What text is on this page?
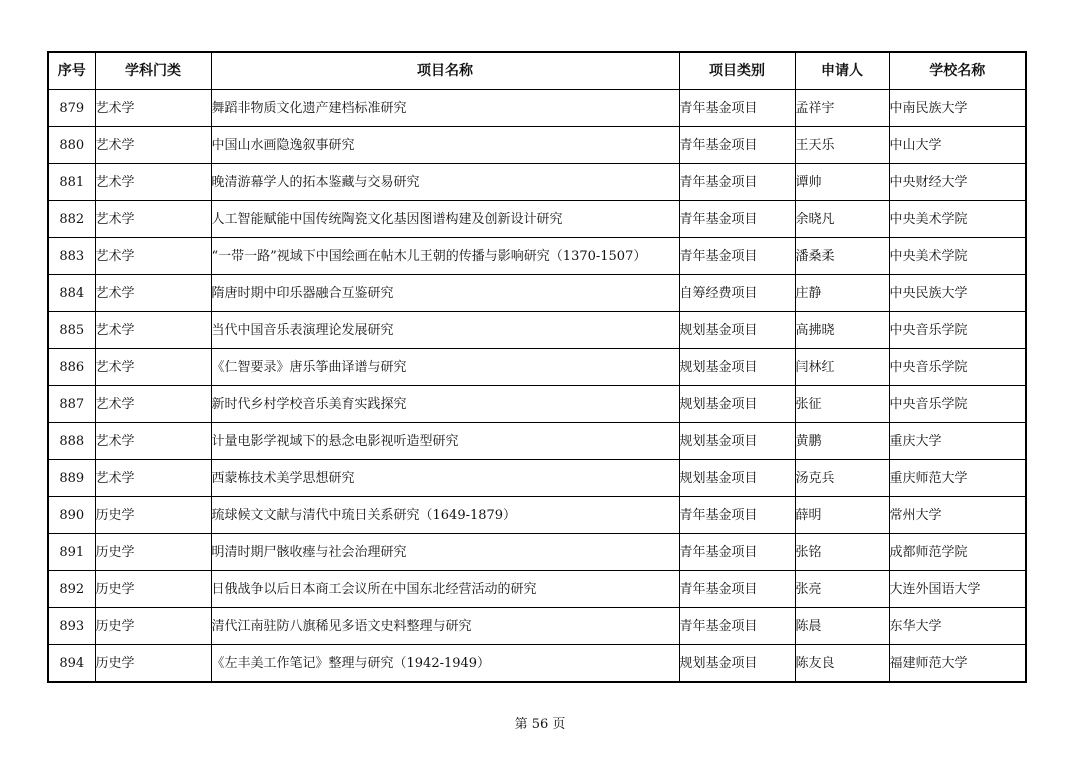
序号	学科门类	项目名称	项目类别	申请人	学校名称
879	艺术学	舞蹈非物质文化遗产建档标准研究	青年基金项目	孟祥宇	中南民族大学
880	艺术学	中国山水画隐逸叙事研究	青年基金项目	王天乐	中山大学
881	艺术学	晚清游幕学人的拓本鉴藏与交易研究	青年基金项目	谭帅	中央财经大学
882	艺术学	人工智能赋能中国传统陶瓷文化基因图谱构建及创新设计研究	青年基金项目	余晓凡	中央美术学院
883	艺术学	“一带一路”视域下中国绘画在帖木儿王朝的传播与影响研究（1370-1507）	青年基金项目	潘桑柔	中央美术学院
884	艺术学	隋唐时期中印乐器融合互鉴研究	自筹经费项目	庄静	中央民族大学
885	艺术学	当代中国音乐表演理论发展研究	规划基金项目	高拂晓	中央音乐学院
886	艺术学	《仁智要录》唐乐筝曲译谱与研究	规划基金项目	闫林红	中央音乐学院
887	艺术学	新时代乡村学校音乐美育实践探究	规划基金项目	张征	中央音乐学院
888	艺术学	计量电影学视域下的悬念电影视听造型研究	规划基金项目	黄鹏	重庆大学
889	艺术学	西蒙栋技术美学思想研究	规划基金项目	汤克兵	重庆师范大学
890	历史学	琉球候文文献与清代中琉日关系研究（1649-1879）	青年基金项目	薛明	常州大学
891	历史学	明清时期尸骸收瘗与社会治理研究	青年基金项目	张铭	成都师范学院
892	历史学	日俄战争以后日本商工会议所在中国东北经营活动的研究	青年基金项目	张亮	大连外国语大学
893	历史学	清代江南驻防八旗稀见多语文史料整理与研究	青年基金项目	陈晨	东华大学
894	历史学	《左丰美工作笔记》整理与研究（1942-1949）	规划基金项目	陈友良	福建师范大学
第 56 页
